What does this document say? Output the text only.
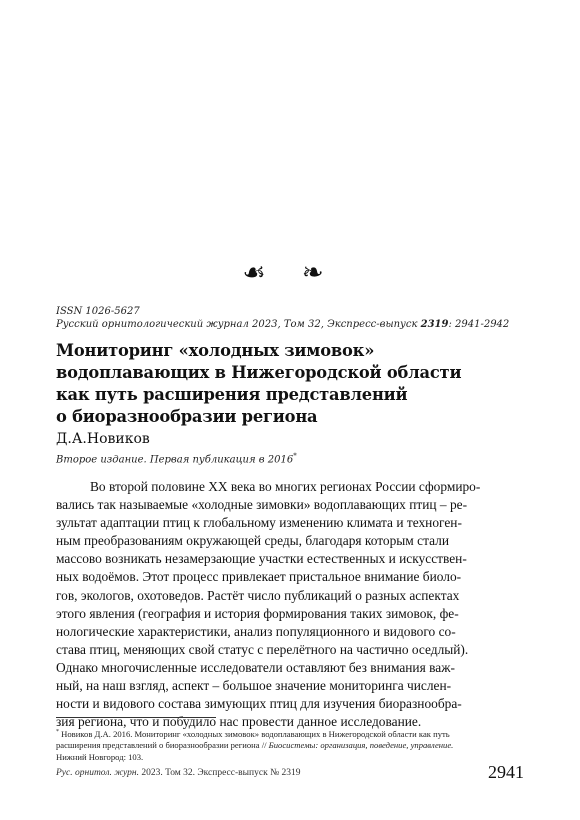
☙ ❧
ISSN 1026-5627
Русский орнитологический журнал 2023, Том 32, Экспресс-выпуск 2319: 2941-2942
Мониторинг «холодных зимовок»
водоплавающих в Нижегородской области
как путь расширения представлений
о биоразнообразии региона
Д.А.Новиков
Второе издание. Первая публикация в 2016*
Во второй половине XX века во многих регионах России сформиро-
вались так называемые «холодные зимовки» водоплавающих птиц – ре-
зультат адаптации птиц к глобальному изменению климата и техноген-
ным преобразованиям окружающей среды, благодаря которым стали
массово возникать незамерзающие участки естественных и искусствен-
ных водоёмов. Этот процесс привлекает пристальное внимание биоло-
гов, экологов, охотоведов. Растёт число публикаций о разных аспектах
этого явления (география и история формирования таких зимовок, фе-
нологические характеристики, анализ популяционного и видового со-
става птиц, меняющих свой статус с перелётного на частично оседлый).
Однако многочисленные исследователи оставляют без внимания важ-
ный, на наш взгляд, аспект – большое значение мониторинга числен-
ности и видового состава зимующих птиц для изучения биоразнообра-
зия региона, что и побудило нас провести данное исследование.
* Новиков Д.А. 2016. Мониторинг «холодных зимовок» водоплавающих в Нижегородской области как путь
расширения представлений о биоразнообразии региона // Биосистемы: организация, поведение, управление.
Нижний Новгород: 103.
Рус. орнитол. журн. 2023. Том 32. Экспресс-выпуск № 2319	2941
